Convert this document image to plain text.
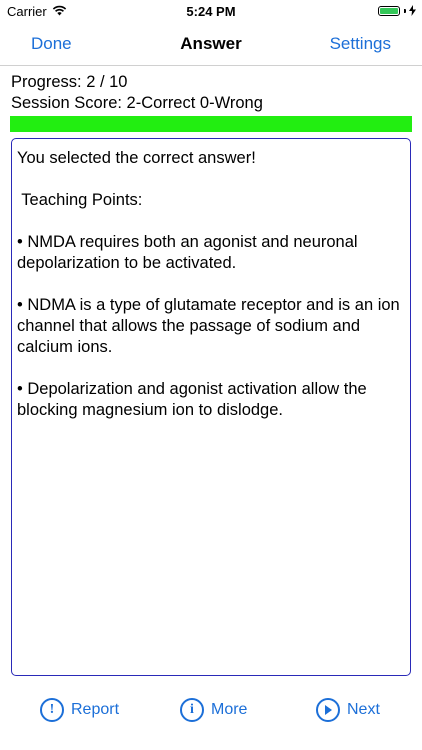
Carrier	5:24 PM
Done	Answer	Settings
Progress: 2 / 10
Session Score: 2-Correct 0-Wrong

You selected the correct answer!

Teaching Points:

• NMDA requires both an agonist and neuronal depolarization to be activated.

• NDMA is a type of glutamate receptor and is an ion channel that allows the passage of sodium and calcium ions.

• Depolarization and agonist activation allow the blocking magnesium ion to dislodge.

!	Report	i	More	Next
